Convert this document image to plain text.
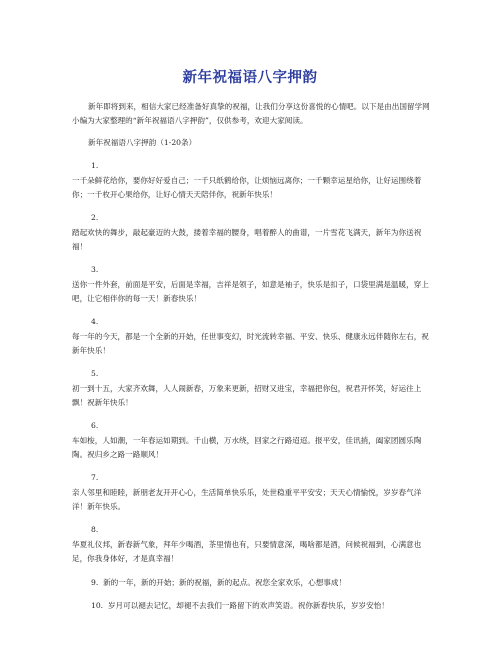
新年祝福语八字押韵

新年即将到来，相信大家已经准备好真挚的祝福，让我们分享这份喜悦的心情吧。以下是由出国留学网小编为大家整理的“新年祝福语八字押韵”，仅供参考，欢迎大家阅读。

新年祝福语八字押韵（1-20条）
1.
一千朵鲜花给你，要你好好爱自己；一千只纸鹤给你，让烦恼远离你；一千颗幸运星给你，让好运围绕着你；一千枚开心果给你，让好心情天天陪伴你，祝新年快乐！
2.
踏起欢快的舞步，敲起豪迈的大鼓，搂着幸福的腰身，唱着醉人的曲谱，一片雪花飞满天，新年为你送祝福！
3.
送你一件外套，前面是平安，后面是幸福，吉祥是领子，如意是袖子，快乐是扣子，口袋里满是温暖，穿上吧，让它相伴你的每一天！新春快乐！
4.
每一年的今天，都是一个全新的开始，任世事变幻，时光流转幸福、平安、快乐、健康永远伴随你左右，祝新年快乐！
5.
初一到十五，大家齐欢舞，人人闹新春，万象来更新，招财又进宝，幸福把你包，祝君开怀笑，好运往上飘！祝新年快乐！
6.
车如梭，人如潮，一年春运如期到。千山横，万水绕，回家之行路迢迢。报平安，佳讯捎，阖家团圆乐陶陶。祝归乡之路一路顺风！
7.
亲人邻里和睦睦，新朋老友开开心心，生活简单快乐乐，处世稳重平平安安；天天心情愉悦，岁岁春气洋洋！新年快乐。
8.
华夏礼仪邦，新春新气象，拜年少喝酒，茶里情也有，只要情意深，喝啥都是酒，问候祝福到，心满意也足，你我身体好，才是真幸福！
9. 新的一年，新的开始；新的祝福，新的起点。祝您全家欢乐，心想事成！
10. 岁月可以褪去记忆，却褪不去我们一路留下的欢声笑语。祝你新春快乐，岁岁安怡！
